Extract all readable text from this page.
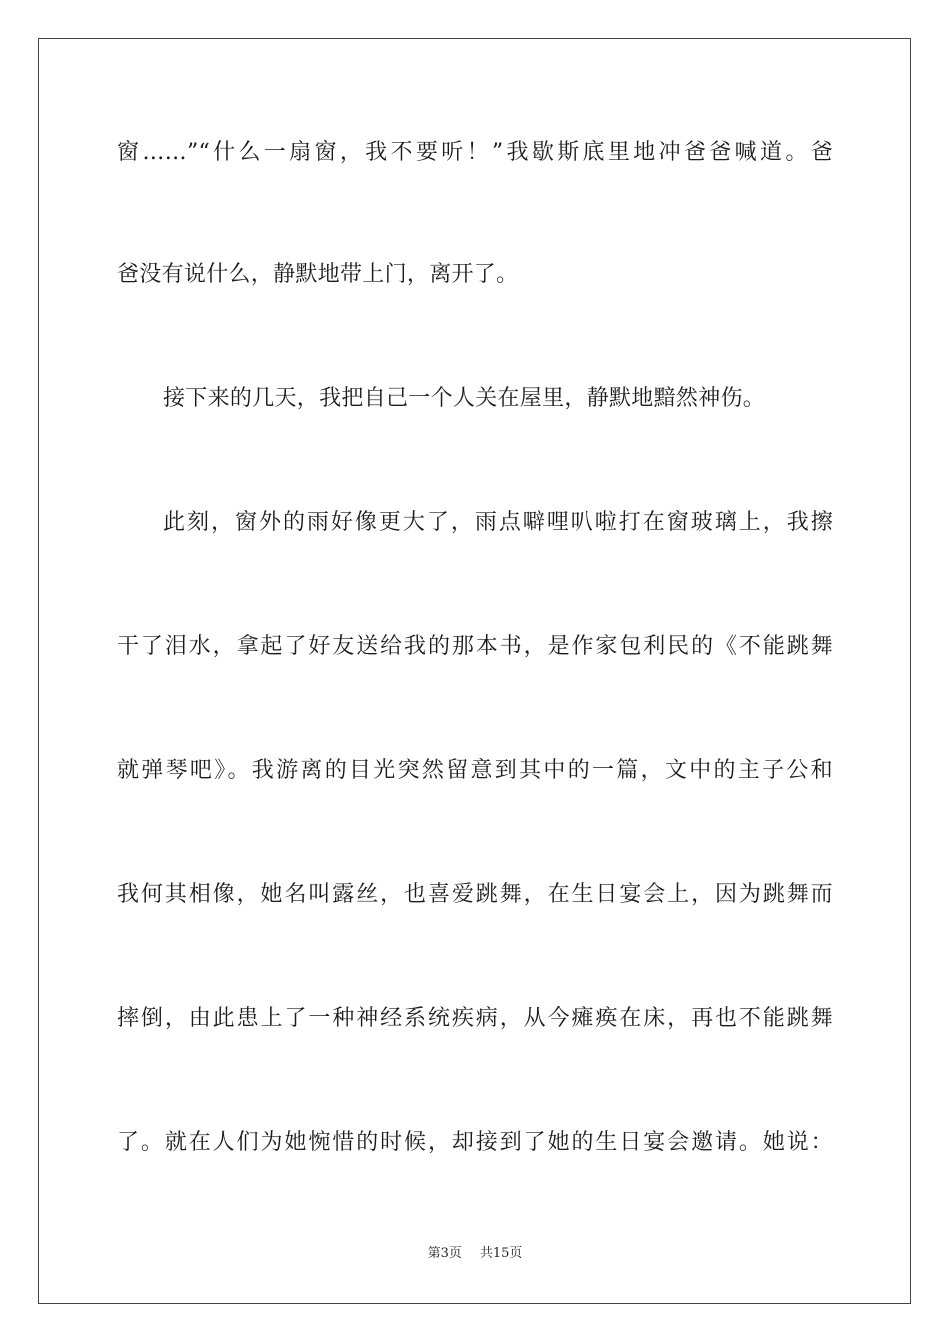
窗……”“什么一扇窗，我不要听！”我歇斯底里地冲爸爸喊道。爸
爸没有说什么，静默地带上门，离开了。
接下来的几天，我把自己一个人关在屋里，静默地黯然神伤。
此刻，窗外的雨好像更大了，雨点噼哩叭啦打在窗玻璃上，我擦
干了泪水，拿起了好友送给我的那本书，是作家包利民的《不能跳舞
就弹琴吧》。我游离的目光突然留意到其中的一篇，文中的主子公和
我何其相像，她名叫露丝，也喜爱跳舞，在生日宴会上，因为跳舞而
摔倒，由此患上了一种神经系统疾病，从今瘫痪在床，再也不能跳舞
了。就在人们为她惋惜的时候，却接到了她的生日宴会邀请。她说：
第3页 共15页
